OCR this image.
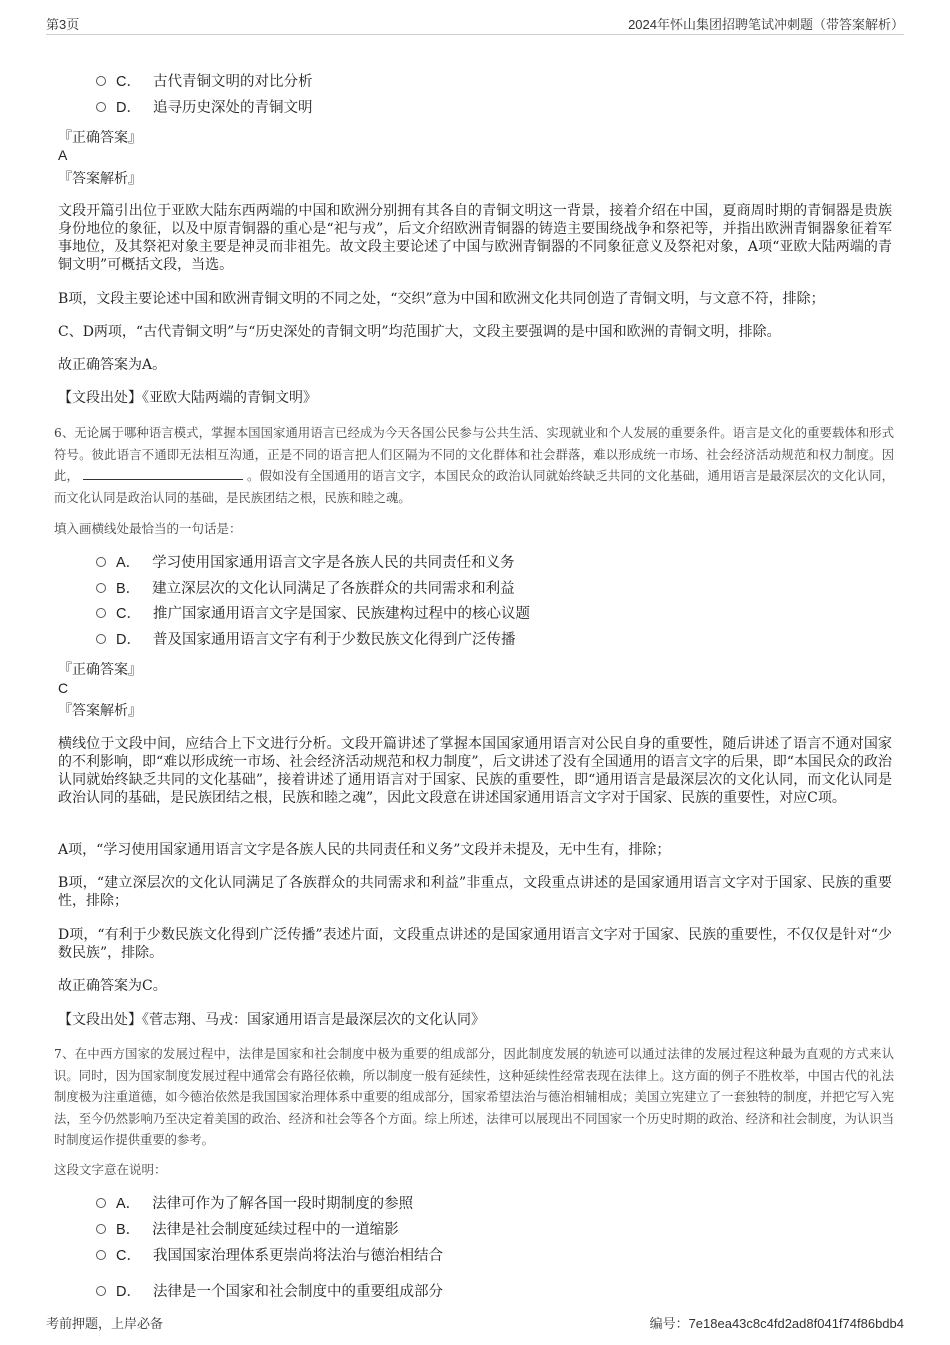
第3页	2024年怀山集团招聘笔试冲刺题（带答案解析）
C． 古代青铜文明的对比分析
D． 追寻历史深处的青铜文明
『正确答案』
A
『答案解析』
文段开篇引出位于亚欧大陆东西两端的中国和欧洲分别拥有其各自的青铜文明这一背景，接着介绍在中国，夏商周时期的青铜器是贵族身份地位的象征，以及中原青铜器的重心是“祀与戎”，后文介绍欧洲青铜器的铸造主要围绕战争和祭祀等，并指出欧洲青铜器象征着军事地位，及其祭祀对象主要是神灵而非祖先。故文段主要论述了中国与欧洲青铜器的不同象征意义及祭祀对象，A项“亚欧大陆两端的青铜文明”可概括文段，当选。
B项，文段主要论述中国和欧洲青铜文明的不同之处，“交织”意为中国和欧洲文化共同创造了青铜文明，与文意不符，排除；
C、D两项，“古代青铜文明”与“历史深处的青铜文明”均范围扩大，文段主要强调的是中国和欧洲的青铜文明，排除。
故正确答案为A。
【文段出处】《亚欧大陆两端的青铜文明》
6、无论属于哪种语言模式，掌握本国国家通用语言已经成为今天各国公民参与公共生活、实现就业和个人发展的重要条件。语言是文化的重要载体和形式符号。彼此语言不通即无法相互沟通，正是不同的语言把人们区隔为不同的文化群体和社会群落，难以形成统一市场、社会经济活动规范和权力制度。因此，	。假如没有全国通用的语言文字，本国民众的政治认同就始终缺乏共同的文化基础，通用语言是最深层次的文化认同，而文化认同是政治认同的基础，是民族团结之根，民族和睦之魂。
填入画横线处最恰当的一句话是：
A． 学习使用国家通用语言文字是各族人民的共同责任和义务
B． 建立深层次的文化认同满足了各族群众的共同需求和利益
C． 推广国家通用语言文字是国家、民族建构过程中的核心议题
D． 普及国家通用语言文字有利于少数民族文化得到广泛传播
『正确答案』
C
『答案解析』
横线位于文段中间，应结合上下文进行分析。文段开篇讲述了掌握本国国家通用语言对公民自身的重要性，随后讲述了语言不通对国家的不利影响，即“难以形成统一市场、社会经济活动规范和权力制度”，后文讲述了没有全国通用的语言文字的后果，即“本国民众的政治认同就始终缺乏共同的文化基础”，接着讲述了通用语言对于国家、民族的重要性，即“通用语言是最深层次的文化认同，而文化认同是政治认同的基础，是民族团结之根，民族和睦之魂”，因此文段意在讲述国家通用语言文字对于国家、民族的重要性，对应C项。
A项，“学习使用国家通用语言文字是各族人民的共同责任和义务”文段并未提及，无中生有，排除；
B项，“建立深层次的文化认同满足了各族群众的共同需求和利益”非重点，文段重点讲述的是国家通用语言文字对于国家、民族的重要性，排除；
D项，“有利于少数民族文化得到广泛传播”表述片面，文段重点讲述的是国家通用语言文字对于国家、民族的重要性，不仅仅是针对“少数民族”，排除。
故正确答案为C。
【文段出处】《菅志翔、马戎：国家通用语言是最深层次的文化认同》
7、在中西方国家的发展过程中，法律是国家和社会制度中极为重要的组成部分，因此制度发展的轨迹可以通过法律的发展过程这种最为直观的方式来认识。同时，因为国家制度发展过程中通常会有路径依赖，所以制度一般有延续性，这种延续性经常表现在法律上。这方面的例子不胜枚举，中国古代的礼法制度极为注重道德，如今德治依然是我国国家治理体系中重要的组成部分，国家希望法治与德治相辅相成；美国立宪建立了一套独特的制度，并把它写入宪法，至今仍然影响乃至决定着美国的政治、经济和社会等各个方面。综上所述，法律可以展现出不同国家一个历史时期的政治、经济和社会制度，为认识当时制度运作提供重要的参考。
这段文字意在说明：
A． 法律可作为了解各国一段时期制度的参照
B． 法律是社会制度延续过程中的一道缩影
C． 我国国家治理体系更崇尚将法治与德治相结合
D． 法律是一个国家和社会制度中的重要组成部分
考前押题，上岸必备	编号：7e18ea43c8c4fd2ad8f041f74f86bdb4
